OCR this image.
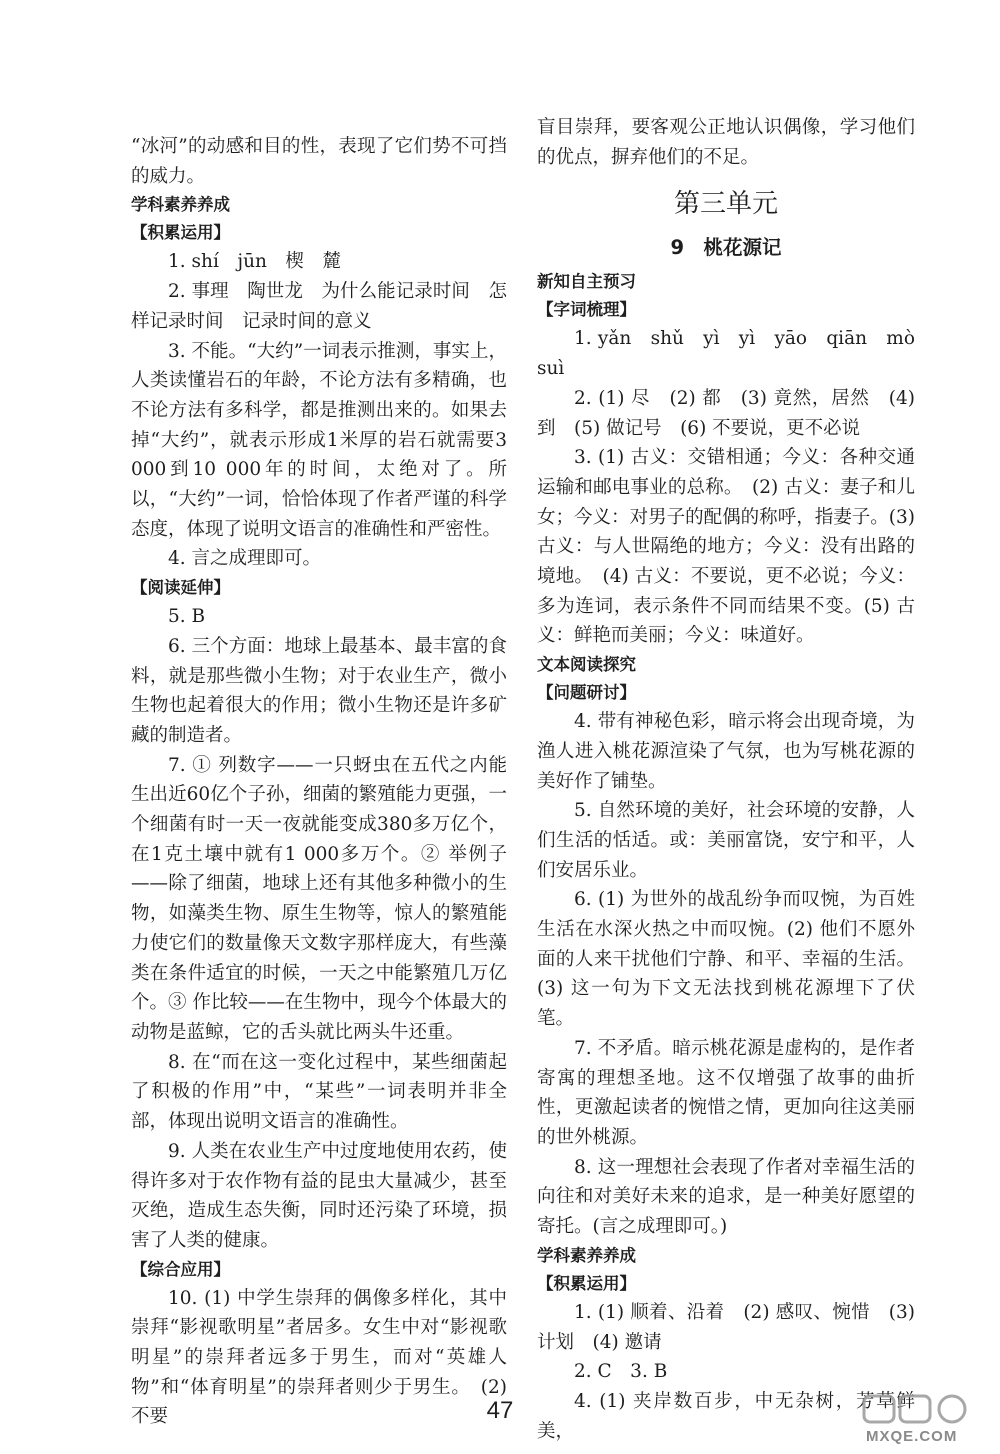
“冰河”的动感和目的性，表现了它们势不可挡的威力。

学科素养养成
【积累运用】

1. shí　jūn　楔　麓

2. 事理　陶世龙　为什么能记录时间　怎样记录时间　记录时间的意义

3. 不能。“大约”一词表示推测，事实上，人类读懂岩石的年龄，不论方法有多精确，也不论方法有多科学，都是推测出来的。如果去掉“大约”，就表示形成1米厚的岩石就需要3 000到10 000年的时间，太绝对了。所以，“大约”一词，恰恰体现了作者严谨的科学态度，体现了说明文语言的准确性和严密性。

4. 言之成理即可。

【阅读延伸】

5. B

6. 三个方面：地球上最基本、最丰富的食料，就是那些微小生物；对于农业生产，微小生物也起着很大的作用；微小生物还是许多矿藏的制造者。

7. ① 列数字——一只蚜虫在五代之内能生出近60亿个子孙，细菌的繁殖能力更强，一个细菌有时一天一夜就能变成380多万亿个，在1克土壤中就有1 000多万个。② 举例子——除了细菌，地球上还有其他多种微小的生物，如藻类生物、原生生物等，惊人的繁殖能力使它们的数量像天文数字那样庞大，有些藻类在条件适宜的时候，一天之中能繁殖几万亿个。③ 作比较——在生物中，现今个体最大的动物是蓝鲸，它的舌头就比两头牛还重。

8. 在“而在这一变化过程中，某些细菌起了积极的作用”中，“某些”一词表明并非全部，体现出说明文语言的准确性。

9. 人类在农业生产中过度地使用农药，使得许多对于农作物有益的昆虫大量减少，甚至灭绝，造成生态失衡，同时还污染了环境，损害了人类的健康。

【综合应用】

10. (1) 中学生崇拜的偶像多样化，其中崇拜“影视歌明星”者居多。女生中对“影视歌明星”的崇拜者远多于男生，而对“英雄人物”和“体育明星”的崇拜者则少于男生。　(2) 不要

盲目崇拜，要客观公正地认识偶像，学习他们的优点，摒弃他们的不足。

第三单元
9　桃花源记
新知自主预习
【字词梳理】

1. yǎn　shǔ　yì　yì　yāo　qiān　mò　suì

2. (1) 尽　(2) 都　(3) 竟然，居然　(4) 到　(5) 做记号　(6) 不要说，更不必说

3. (1) 古义：交错相通；今义：各种交通运输和邮电事业的总称。　(2) 古义：妻子和儿女；今义：对男子的配偶的称呼，指妻子。(3) 古义：与人世隔绝的地方；今义：没有出路的境地。　(4) 古义：不要说，更不必说；今义：多为连词，表示条件不同而结果不变。(5) 古义：鲜艳而美丽；今义：味道好。

文本阅读探究
【问题研讨】

4. 带有神秘色彩，暗示将会出现奇境，为渔人进入桃花源渲染了气氛，也为写桃花源的美好作了铺垫。

5. 自然环境的美好，社会环境的安静，人们生活的恬适。或：美丽富饶，安宁和平，人们安居乐业。

6. (1) 为世外的战乱纷争而叹惋，为百姓生活在水深火热之中而叹惋。(2) 他们不愿外面的人来干扰他们宁静、和平、幸福的生活。(3) 这一句为下文无法找到桃花源埋下了伏笔。

7. 不矛盾。暗示桃花源是虚构的，是作者寄寓的理想圣地。这不仅增强了故事的曲折性，更激起读者的惋惜之情，更加向往这美丽的世外桃源。

8. 这一理想社会表现了作者对幸福生活的向往和对美好未来的追求，是一种美好愿望的寄托。(言之成理即可。)

学科素养养成
【积累运用】

1. (1) 顺着、沿着　(2) 感叹、惋惜　(3) 计划　(4) 邀请

2. C　3. B

4. (1) 夹岸数百步，中无杂树，芳草鲜美，

47
MXQE.COM
